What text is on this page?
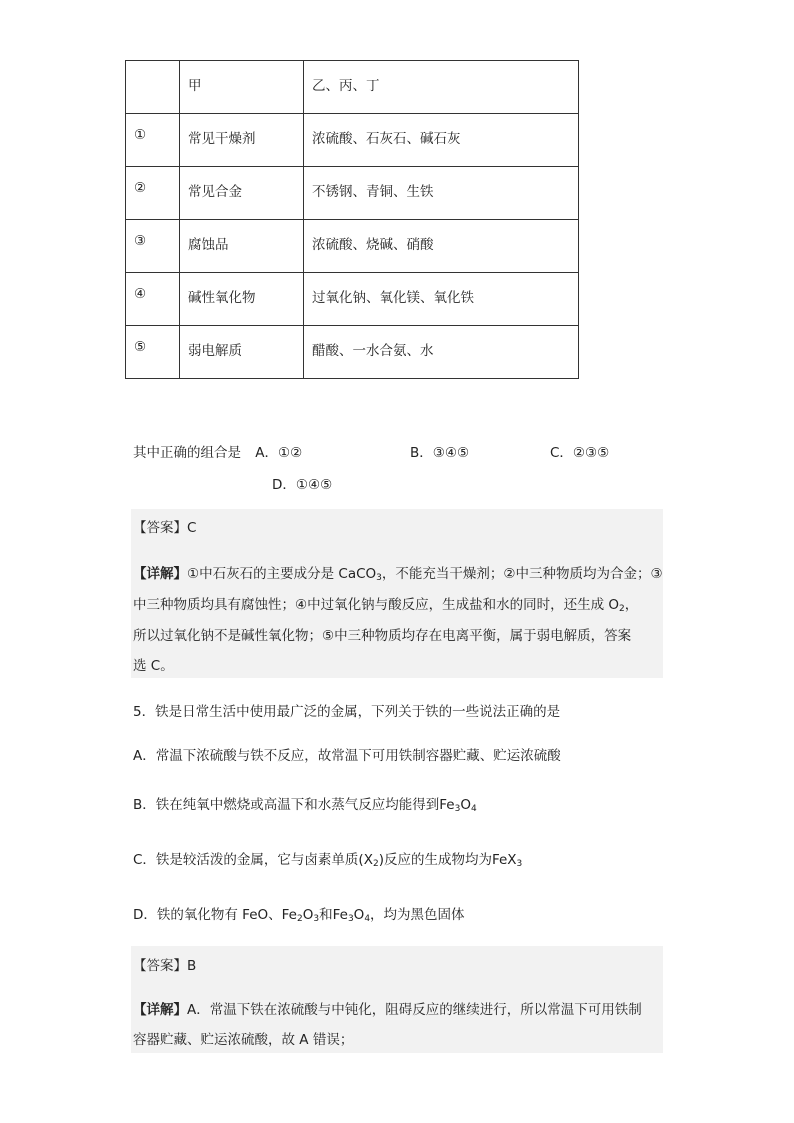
	甲	乙、丙、丁
①	常见干燥剂	浓硫酸、石灰石、碱石灰
②	常见合金	不锈钢、青铜、生铁
③	腐蚀品	浓硫酸、烧碱、硝酸
④	碱性氧化物	过氧化钠、氧化镁、氧化铁
⑤	弱电解质	醋酸、一水合氨、水
其中正确的组合是 A．①②	B．③④⑤	C．②③⑤
D．①④⑤
【答案】C
【详解】①中石灰石的主要成分是 CaCO$_3$，不能充当干燥剂；②中三种物质均为合金；③
中三种物质均具有腐蚀性；④中过氧化钠与酸反应，生成盐和水的同时，还生成 $O_2$，
所以过氧化钠不是碱性氧化物；⑤中三种物质均存在电离平衡，属于弱电解质，答案
选 C。
5．铁是日常生活中使用最广泛的金属，下列关于铁的一些说法正确的是
A．常温下浓硫酸与铁不反应，故常温下可用铁制容器贮藏、贮运浓硫酸
B．铁在纯氧中燃烧或高温下和水蒸气反应均能得到$Fe_3O_4$
C．铁是较活泼的金属，它与卤素单质$(X_2)$反应的生成物均为FeX$_3$
D．铁的氧化物有 FeO、$Fe_2O_3$和$Fe_3O_4$，均为黑色固体
【答案】B
【详解】A．常温下铁在浓硫酸与中钝化，阻碍反应的继续进行，所以常温下可用铁制
容器贮藏、贮运浓硫酸，故 A 错误；
